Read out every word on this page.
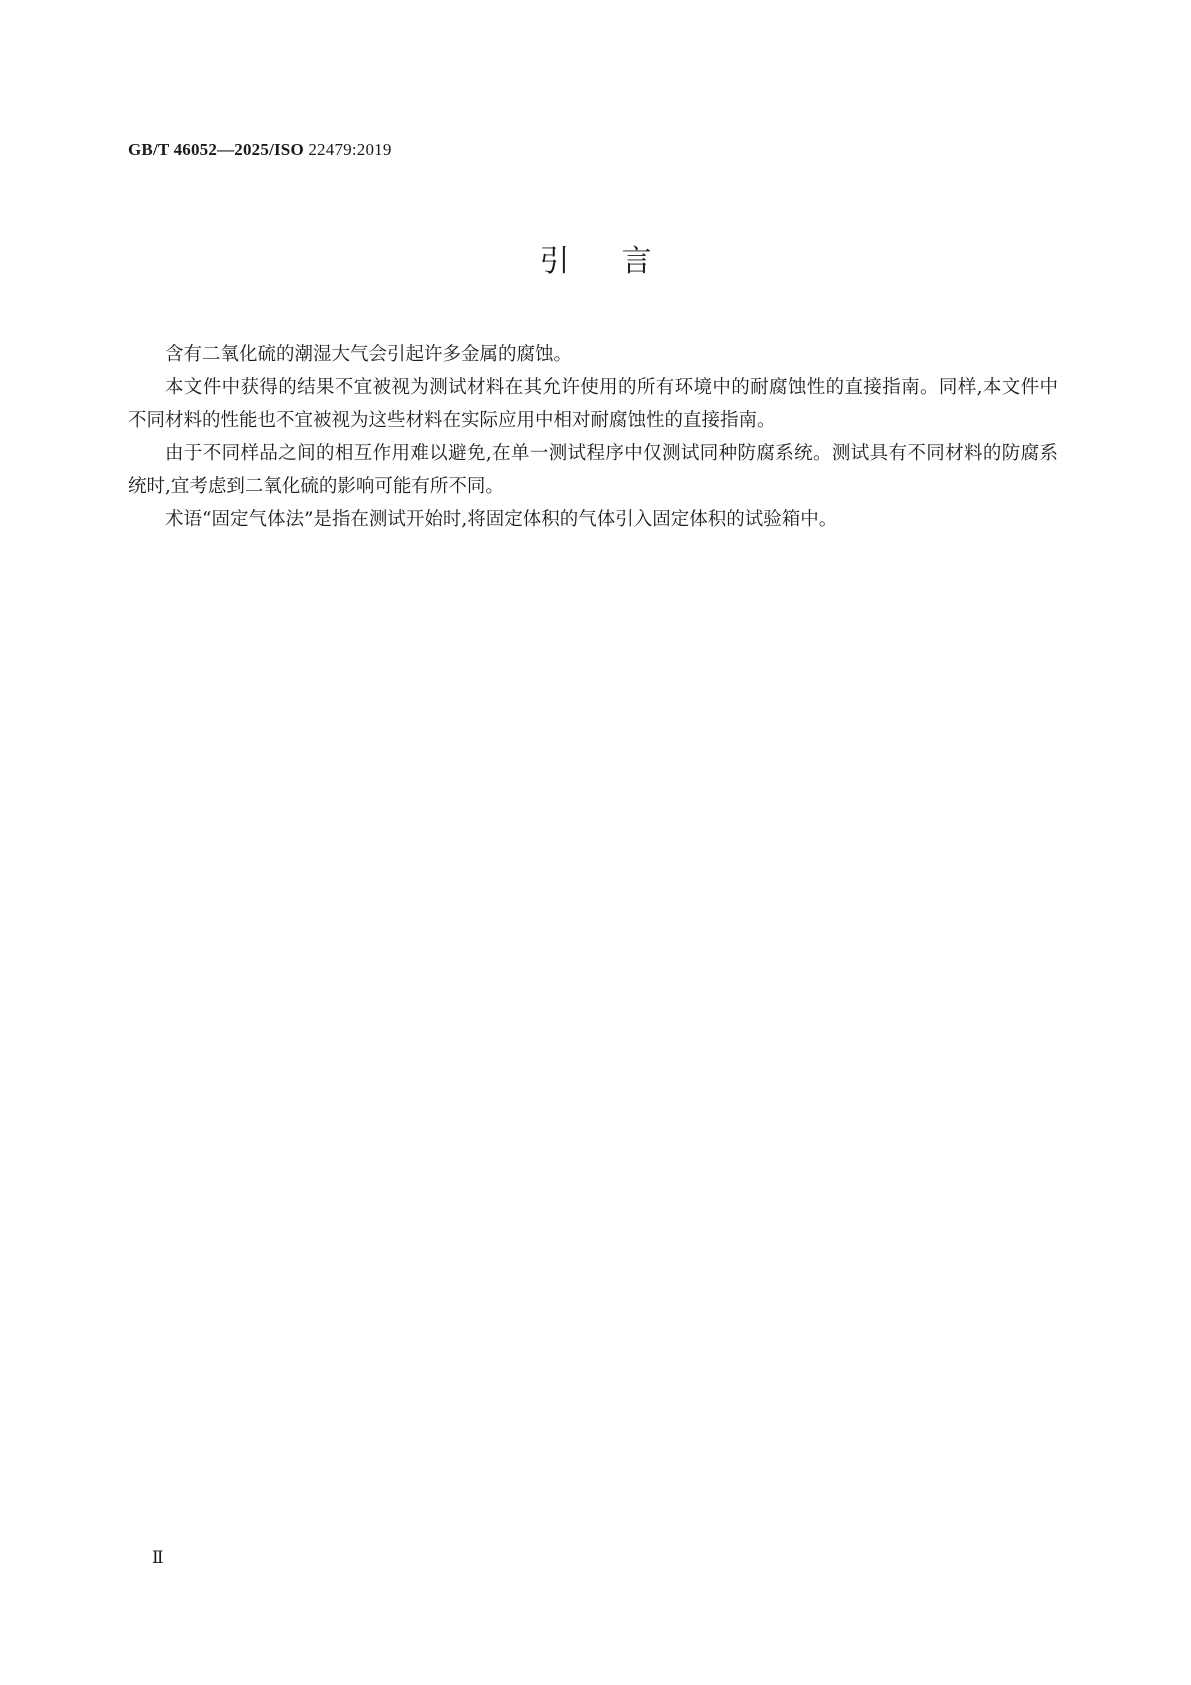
GB/T 46052—2025/ISO 22479:2019
引言

含有二氧化硫的潮湿大气会引起许多金属的腐蚀。

本文件中获得的结果不宜被视为测试材料在其允许使用的所有环境中的耐腐蚀性的直接指南。同样,本文件中不同材料的性能也不宜被视为这些材料在实际应用中相对耐腐蚀性的直接指南。

由于不同样品之间的相互作用难以避免,在单一测试程序中仅测试同种防腐系统。测试具有不同材料的防腐系统时,宜考虑到二氧化硫的影响可能有所不同。

术语“固定气体法”是指在测试开始时,将固定体积的气体引入固定体积的试验箱中。

Ⅱ
